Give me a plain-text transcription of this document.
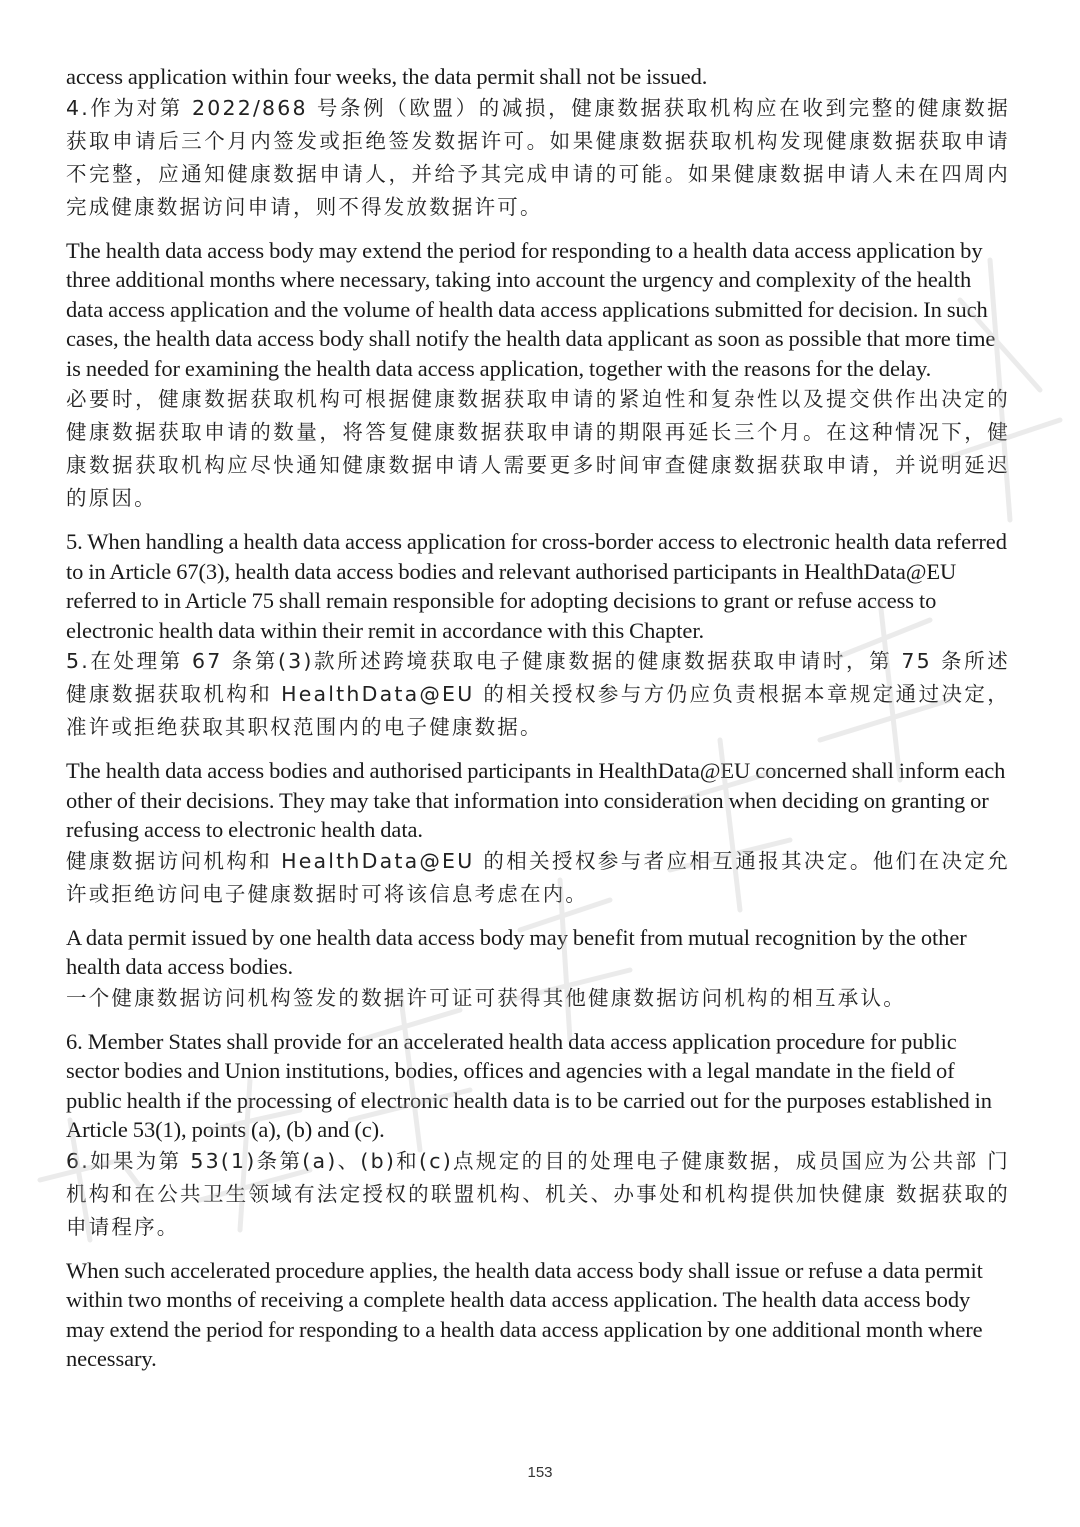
access application within four weeks, the data permit shall not be issued.

4.作为对第 2022/868 号条例（欧盟）的减损，健康数据获取机构应在收到完整的健康数据获取申请后三个月内签发或拒绝签发数据许可。如果健康数据获取机构发现健康数据获取申请不完整，应通知健康数据申请人，并给予其完成申请的可能。如果健康数据申请人未在四周内完成健康数据访问申请，则不得发放数据许可。

The health data access body may extend the period for responding to a health data access application by three additional months where necessary, taking into account the urgency and complexity of the health data access application and the volume of health data access applications submitted for decision. In such cases, the health data access body shall notify the health data applicant as soon as possible that more time is needed for examining the health data access application, together with the reasons for the delay.

必要时，健康数据获取机构可根据健康数据获取申请的紧迫性和复杂性以及提交供作出决定的健康数据获取申请的数量，将答复健康数据获取申请的期限再延长三个月。在这种情况下，健康数据获取机构应尽快通知健康数据申请人需要更多时间审查健康数据获取申请，并说明延迟的原因。

5. When handling a health data access application for cross-border access to electronic health data referred to in Article 67(3), health data access bodies and relevant authorised participants in HealthData@EU referred to in Article 75 shall remain responsible for adopting decisions to grant or refuse access to electronic health data within their remit in accordance with this Chapter.

5.在处理第 67 条第(3)款所述跨境获取电子健康数据的健康数据获取申请时，第 75 条所述健康数据获取机构和 HealthData@EU 的相关授权参与方仍应负责根据本章规定通过决定，准许或拒绝获取其职权范围内的电子健康数据。

The health data access bodies and authorised participants in HealthData@EU concerned shall inform each other of their decisions. They may take that information into consideration when deciding on granting or refusing access to electronic health data.

健康数据访问机构和 HealthData@EU 的相关授权参与者应相互通报其决定。他们在决定允许或拒绝访问电子健康数据时可将该信息考虑在内。

A data permit issued by one health data access body may benefit from mutual recognition by the other health data access bodies.

一个健康数据访问机构签发的数据许可证可获得其他健康数据访问机构的相互承认。

6. Member States shall provide for an accelerated health data access application procedure for public sector bodies and Union institutions, bodies, offices and agencies with a legal mandate in the field of public health if the processing of electronic health data is to be carried out for the purposes established in Article 53(1), points (a), (b) and (c).

6.如果为第 53(1)条第(a)、(b)和(c)点规定的目的处理电子健康数据，成员国应为公共部 门机构和在公共卫生领域有法定授权的联盟机构、机关、办事处和机构提供加快健康 数据获取的申请程序。

When such accelerated procedure applies, the health data access body shall issue or refuse a data permit within two months of receiving a complete health data access application. The health data access body may extend the period for responding to a health data access application by one additional month where necessary.

153
